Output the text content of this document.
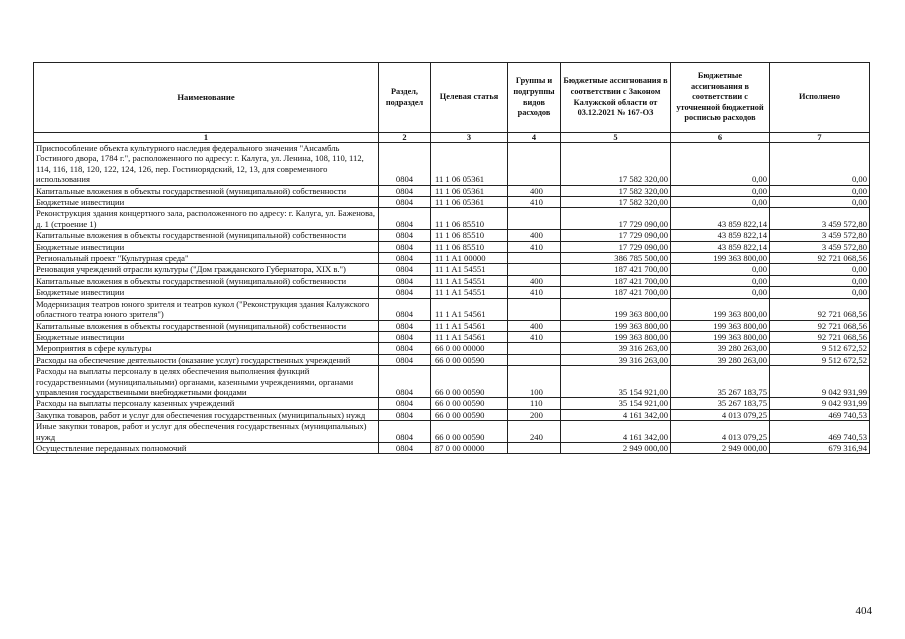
Наименование	Раздел, подраздел	Целевая статья	Группы и подгруппы видов расходов	Бюджетные ассигнования в соответствии с Законом Калужской области от 03.12.2021 № 167-ОЗ	Бюджетные ассигнования в соответствии с уточненной бюджетной росписью расходов	Исполнено
1	2	3	4	5	6	7
Приспособление объекта культурного наследия федерального значения "Ансамбль Гостиного двора, 1784 г.", расположенного по адресу: г. Калуга, ул. Ленина, 108, 110, 112, 114, 116, 118, 120, 122, 124, 126, пер. Гостинорядский, 12, 13, для современного использования	0804	11 1 06 05361		17 582 320,00	0,00	0,00
Капитальные вложения в объекты государственной (муниципальной) собственности	0804	11 1 06 05361	400	17 582 320,00	0,00	0,00
Бюджетные инвестиции	0804	11 1 06 05361	410	17 582 320,00	0,00	0,00
Реконструкция здания концертного зала, расположенного по адресу: г. Калуга, ул. Баженова, д. 1 (строение 1)	0804	11 1 06 85510		17 729 090,00	43 859 822,14	3 459 572,80
Капитальные вложения в объекты государственной (муниципальной) собственности	0804	11 1 06 85510	400	17 729 090,00	43 859 822,14	3 459 572,80
Бюджетные инвестиции	0804	11 1 06 85510	410	17 729 090,00	43 859 822,14	3 459 572,80
Региональный проект "Культурная среда"	0804	11 1 A1 00000		386 785 500,00	199 363 800,00	92 721 068,56
Реновация учреждений отрасли культуры ("Дом гражданского Губернатора, XIX в.")	0804	11 1 A1 54551		187 421 700,00	0,00	0,00
Капитальные вложения в объекты государственной (муниципальной) собственности	0804	11 1 A1 54551	400	187 421 700,00	0,00	0,00
Бюджетные инвестиции	0804	11 1 A1 54551	410	187 421 700,00	0,00	0,00
Модернизация театров юного зрителя и театров кукол ("Реконструкция здания Калужского областного театра юного зрителя")	0804	11 1 A1 54561		199 363 800,00	199 363 800,00	92 721 068,56
Капитальные вложения в объекты государственной (муниципальной) собственности	0804	11 1 A1 54561	400	199 363 800,00	199 363 800,00	92 721 068,56
Бюджетные инвестиции	0804	11 1 A1 54561	410	199 363 800,00	199 363 800,00	92 721 068,56
Мероприятия в сфере культуры	0804	66 0 00 00000		39 316 263,00	39 280 263,00	9 512 672,52
Расходы на обеспечение деятельности (оказание услуг) государственных учреждений	0804	66 0 00 00590		39 316 263,00	39 280 263,00	9 512 672,52
Расходы на выплаты персоналу в целях обеспечения выполнения функций государственными (муниципальными) органами, казенными учреждениями, органами управления государственными внебюджетными фондами	0804	66 0 00 00590	100	35 154 921,00	35 267 183,75	9 042 931,99
Расходы на выплаты персоналу казенных учреждений	0804	66 0 00 00590	110	35 154 921,00	35 267 183,75	9 042 931,99
Закупка товаров, работ и услуг для обеспечения государственных (муниципальных) нужд	0804	66 0 00 00590	200	4 161 342,00	4 013 079,25	469 740,53
Иные закупки товаров, работ и услуг для обеспечения государственных (муниципальных) нужд	0804	66 0 00 00590	240	4 161 342,00	4 013 079,25	469 740,53
Осуществление переданных полномочий	0804	87 0 00 00000		2 949 000,00	2 949 000,00	679 316,94
404
